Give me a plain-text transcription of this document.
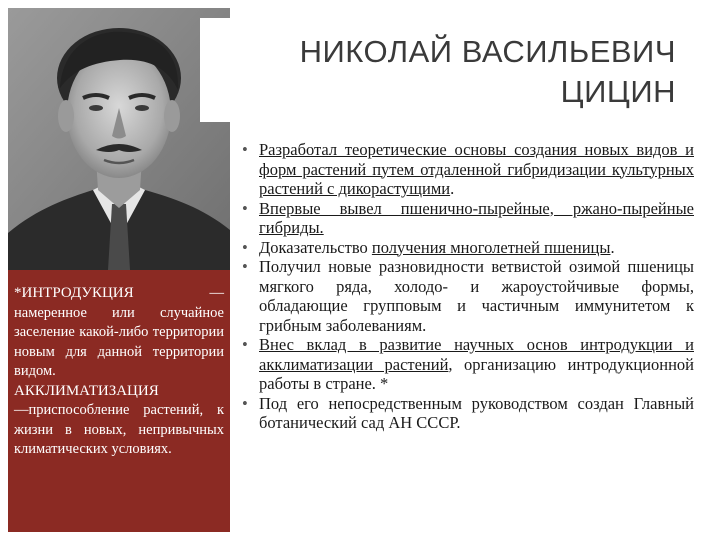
НИКОЛАЙ ВАСИЛЬЕВИЧ
ЦИЦИН
*ИНТРОДУКЦИЯ	— намеренное или случайное заселение какой-либо территории новым для данной территории видом.
АККЛИМАТИЗАЦИЯ
—приспособление растений, к жизни в новых, непривычных климатических условиях.
• Разработал теоретические основы создания новых видов и форм растений путем отдаленной гибридизации культурных растений с дикорастущими.
• Впервые вывел пшенично-пырейные, ржано-пырейные гибриды.
• Доказательство получения многолетней пшеницы.
• Получил новые разновидности ветвистой озимой пшеницы мягкого ряда, холодо- и жароустойчивые формы, обладающие групповым и частичным иммунитетом к грибным заболеваниям.
• Внес вклад в развитие научных основ интродукции и акклиматизации растений, организацию интродукционной работы в стране. *
• Под его непосредственным руководством создан Главный ботанический сад АН СССР.
